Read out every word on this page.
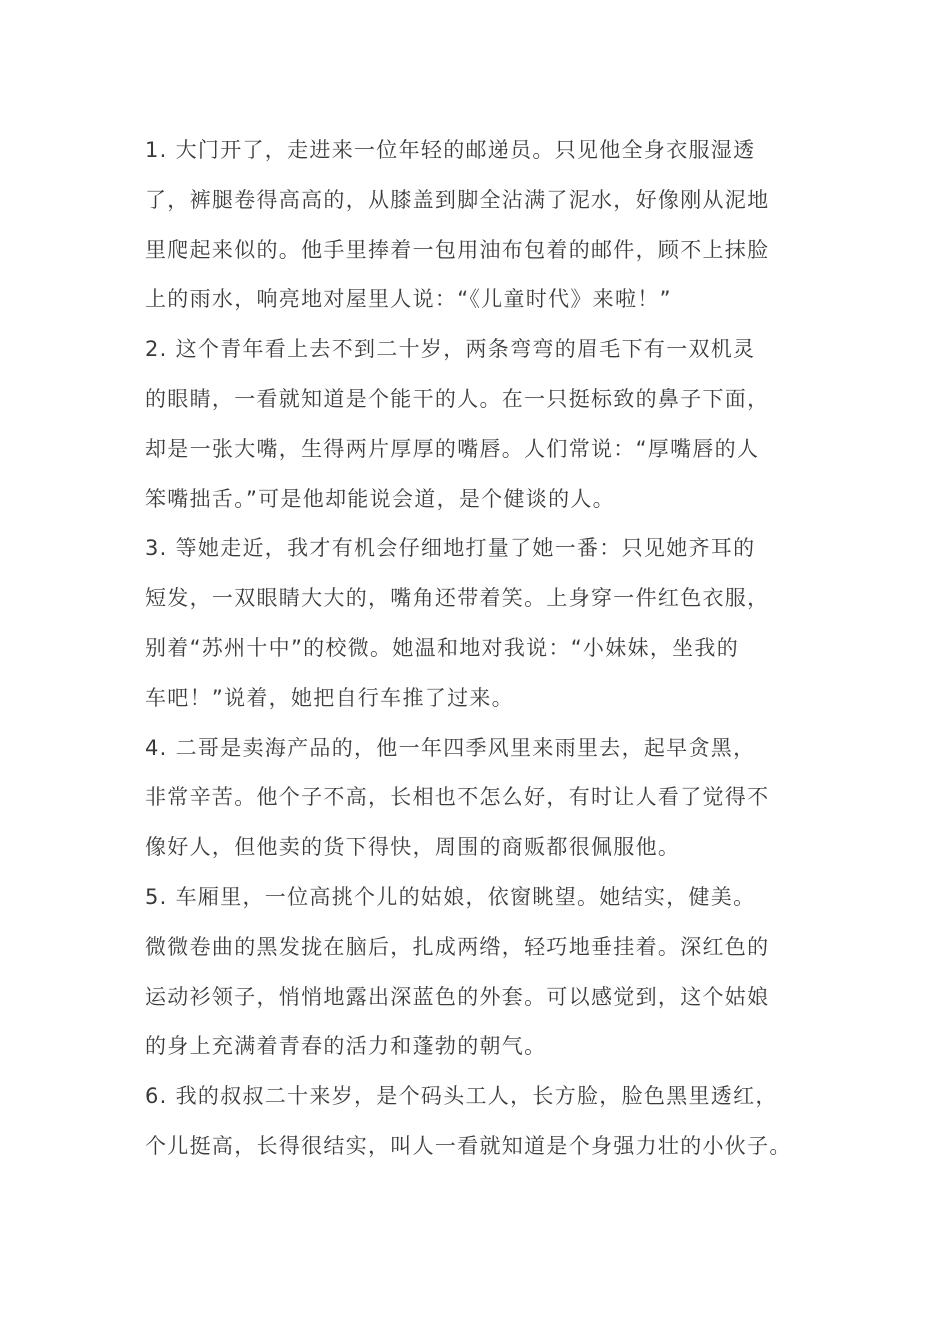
1. 大门开了，走进来一位年轻的邮递员。只见他全身衣服湿透
了，裤腿卷得高高的，从膝盖到脚全沾满了泥水，好像刚从泥地
里爬起来似的。他手里捧着一包用油布包着的邮件，顾不上抹脸
上的雨水，响亮地对屋里人说：“《儿童时代》来啦！”
2. 这个青年看上去不到二十岁，两条弯弯的眉毛下有一双机灵
的眼睛，一看就知道是个能干的人。在一只挺标致的鼻子下面，
却是一张大嘴，生得两片厚厚的嘴唇。人们常说：“厚嘴唇的人
笨嘴拙舌。”可是他却能说会道，是个健谈的人。
3. 等她走近，我才有机会仔细地打量了她一番：只见她齐耳的
短发，一双眼睛大大的，嘴角还带着笑。上身穿一件红色衣服，
别着“苏州十中”的校微。她温和地对我说：“小妹妹，坐我的
车吧！”说着，她把自行车推了过来。
4. 二哥是卖海产品的，他一年四季风里来雨里去，起早贪黑，
非常辛苦。他个子不高，长相也不怎么好，有时让人看了觉得不
像好人，但他卖的货下得快，周围的商贩都很佩服他。
5. 车厢里，一位高挑个儿的姑娘，依窗眺望。她结实，健美。
微微卷曲的黑发拢在脑后，扎成两绺，轻巧地垂挂着。深红色的
运动衫领子，悄悄地露出深蓝色的外套。可以感觉到，这个姑娘
的身上充满着青春的活力和蓬勃的朝气。
6. 我的叔叔二十来岁，是个码头工人，长方脸，脸色黑里透红，
个儿挺高，长得很结实，叫人一看就知道是个身强力壮的小伙子。
